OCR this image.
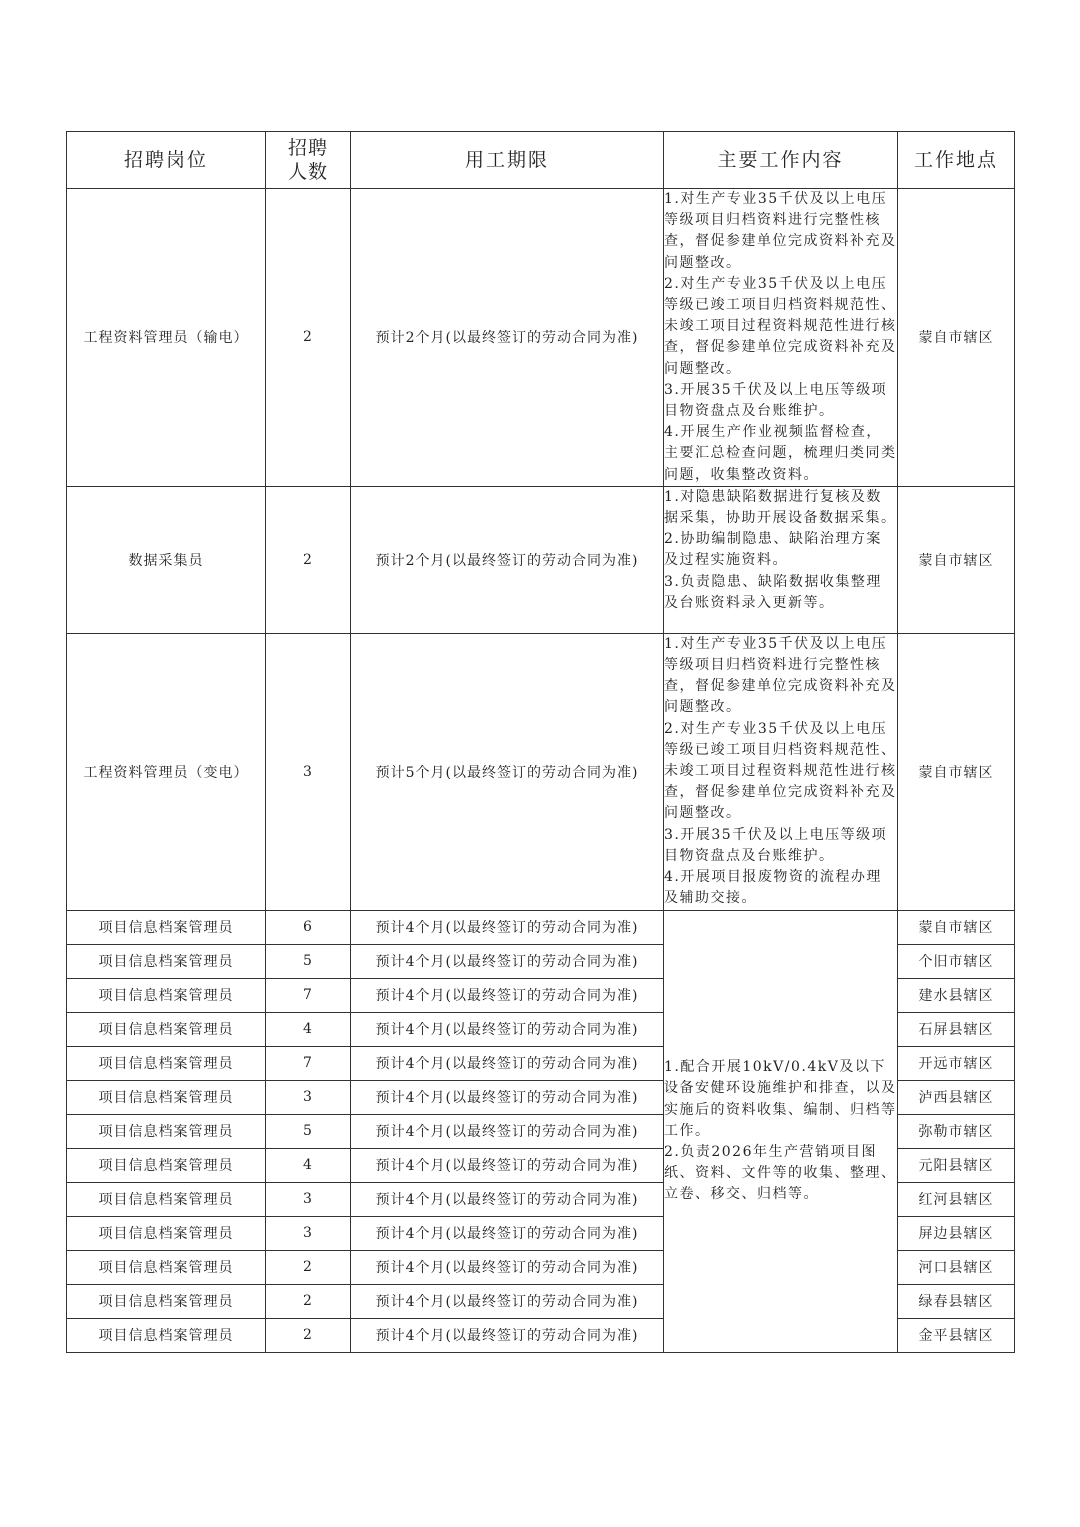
招聘岗位	招聘人数	用工期限	主要工作内容	工作地点
工程资料管理员（输电）	2	预计2个月(以最终签订的劳动合同为准)	1.对生产专业35千伏及以上电压等级项目归档资料进行完整性核查，督促参建单位完成资料补充及问题整改。

2.对生产专业35千伏及以上电压等级已竣工项目归档资料规范性、未竣工项目过程资料规范性进行核查，督促参建单位完成资料补充及问题整改。

3.开展35千伏及以上电压等级项目物资盘点及台账维护。

4.开展生产作业视频监督检查，主要汇总检查问题，梳理归类同类问题，收集整改资料。	蒙自市辖区
数据采集员	2	预计2个月(以最终签订的劳动合同为准)	1.对隐患缺陷数据进行复核及数据采集，协助开展设备数据采集。

2.协助编制隐患、缺陷治理方案及过程实施资料。

3.负责隐患、缺陷数据收集整理及台账资料录入更新等。	蒙自市辖区
工程资料管理员（变电）	3	预计5个月(以最终签订的劳动合同为准)	1.对生产专业35千伏及以上电压等级项目归档资料进行完整性核查，督促参建单位完成资料补充及问题整改。

2.对生产专业35千伏及以上电压等级已竣工项目归档资料规范性、未竣工项目过程资料规范性进行核查，督促参建单位完成资料补充及问题整改。

3.开展35千伏及以上电压等级项目物资盘点及台账维护。

4.开展项目报废物资的流程办理及辅助交接。	蒙自市辖区
项目信息档案管理员	6	预计4个月(以最终签订的劳动合同为准)	1.配合开展10kV/0.4kV及以下设备安健环设施维护和排查，以及实施后的资料收集、编制、归档等工作。

2.负责2026年生产营销项目图纸、资料、文件等的收集、整理、立卷、移交、归档等。	蒙自市辖区
项目信息档案管理员	5	预计4个月(以最终签订的劳动合同为准)		个旧市辖区
项目信息档案管理员	7	预计4个月(以最终签订的劳动合同为准)		建水县辖区
项目信息档案管理员	4	预计4个月(以最终签订的劳动合同为准)		石屏县辖区
项目信息档案管理员	7	预计4个月(以最终签订的劳动合同为准)		开远市辖区
项目信息档案管理员	3	预计4个月(以最终签订的劳动合同为准)		泸西县辖区
项目信息档案管理员	5	预计4个月(以最终签订的劳动合同为准)		弥勒市辖区
项目信息档案管理员	4	预计4个月(以最终签订的劳动合同为准)		元阳县辖区
项目信息档案管理员	3	预计4个月(以最终签订的劳动合同为准)		红河县辖区
项目信息档案管理员	3	预计4个月(以最终签订的劳动合同为准)		屏边县辖区
项目信息档案管理员	2	预计4个月(以最终签订的劳动合同为准)		河口县辖区
项目信息档案管理员	2	预计4个月(以最终签订的劳动合同为准)		绿春县辖区
项目信息档案管理员	2	预计4个月(以最终签订的劳动合同为准)		金平县辖区
